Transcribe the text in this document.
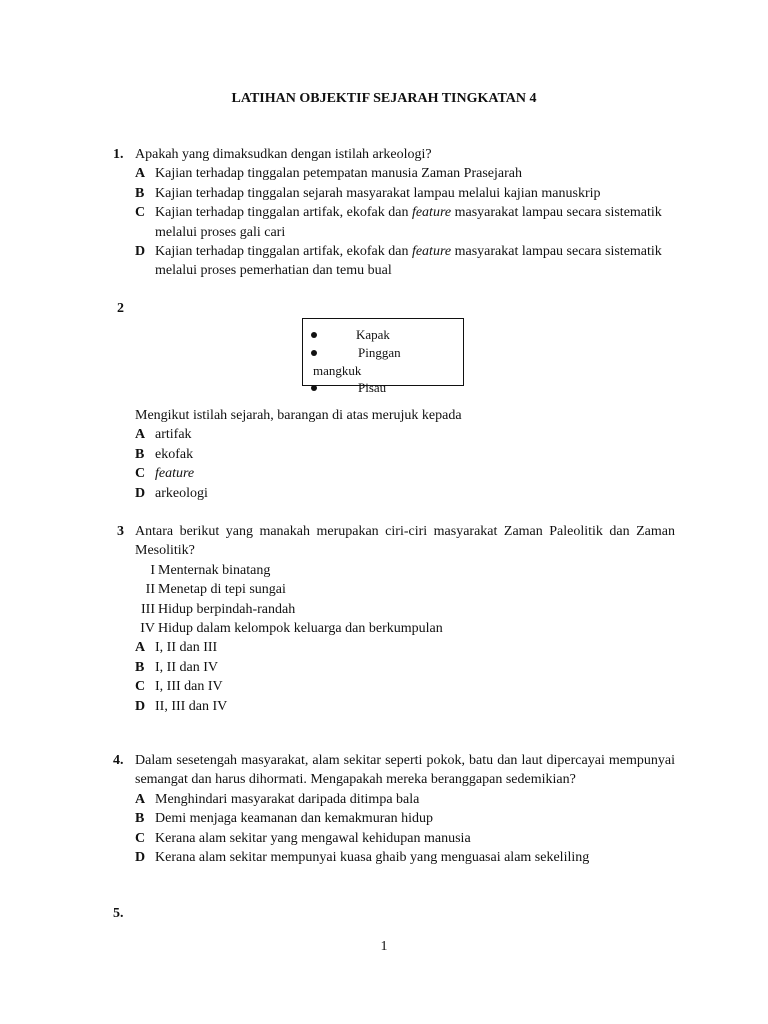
LATIHAN OBJEKTIF SEJARAH TINGKATAN 4
1. Apakah yang dimaksudkan dengan istilah arkeologi?
A Kajian terhadap tinggalan petempatan manusia Zaman Prasejarah
B Kajian terhadap tinggalan sejarah masyarakat lampau melalui kajian manuskrip
C Kajian terhadap tinggalan artifak, ekofak dan feature masyarakat lampau secara sistematik melalui proses gali cari
D Kajian terhadap tinggalan artifak, ekofak dan feature masyarakat lampau secara sistematik melalui proses pemerhatian dan temu bual
2
Kapak
Pinggan
mangkuk
Pisau
Mengikut istilah sejarah, barangan di atas merujuk kepada
A artifak
B ekofak
C feature
D arkeologi
3 Antara berikut yang manakah merupakan ciri-ciri masyarakat Zaman Paleolitik dan Zaman Mesolitik?
I Menternak binatang
II Menetap di tepi sungai
III Hidup berpindah-randah
IV Hidup dalam kelompok keluarga dan berkumpulan
A I, II dan III
B I, II dan IV
C I, III dan IV
D II, III dan IV
4. Dalam sesetengah masyarakat, alam sekitar seperti pokok, batu dan laut dipercayai mempunyai semangat dan harus dihormati. Mengapakah mereka beranggapan sedemikian?
A Menghindari masyarakat daripada ditimpa bala
B Demi menjaga keamanan dan kemakmuran hidup
C Kerana alam sekitar yang mengawal kehidupan manusia
D Kerana alam sekitar mempunyai kuasa ghaib yang menguasai alam sekeliling
5.
1
